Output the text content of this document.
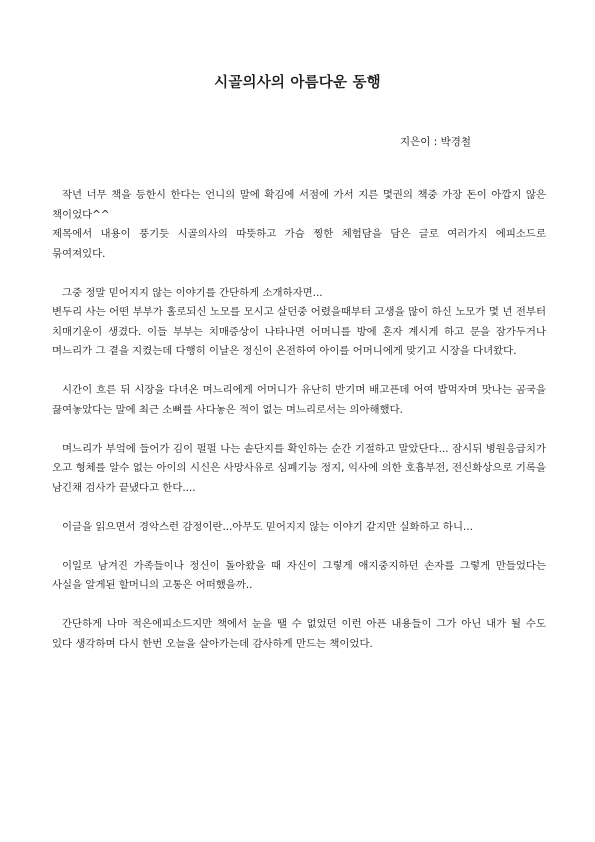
시골의사의 아름다운 동행
지은이 : 박경철

작년 너무 책을 등한시 한다는 언니의 말에 확김에 서점에 가서 지른 몇권의 책중 가장 돈이 아깝지 않은 책이었다^^

제목에서 내용이 풍기듯 시골의사의 따뜻하고 가슴 찡한 체험담을 담은 글로 여러가지 에피소드로 묶여져있다.

그중 정말 믿어지지 않는 이야기를 간단하게 소개하자면...

변두리 사는 어떤 부부가 홀로되신 노모를 모시고 살던중 어렸을때부터 고생을 많이 하신 노모가 몇 년 전부터 치매기운이 생겼다. 이들 부부는 치매증상이 나타나면 어머니를 방에 혼자 계시게 하고 문을 잠가두거나 며느리가 그 곁을 지켰는데 다행히 이날은 정신이 온전하여 아이를 어머니에게 맞기고 시장을 다녀왔다.

시간이 흐른 뒤 시장을 다녀온 며느리에게 어머니가 유난히 반기며 배고픈데 어여 밥먹자며 맛나는 곰국을 끓여놓았다는 말에 최근 소뼈를 사다놓은 적이 없는 며느리로서는 의아해했다.

며느리가 부엌에 들어가 김이 펄펄 나는 솥단지를 확인하는 순간 기절하고 말았단다... 잠시뒤 병원응급치가 오고 형체를 알수 없는 아이의 시신은 사망사유로 심폐기능 정지, 익사에 의한 호흡부전, 전신화상으로 기록을 남긴채 검사가 끝냈다고 한다....

이글을 읽으면서 경악스런 감정이란...아무도 믿어지지 않는 이야기 같지만 실화하고 하니...

이일로 남겨진 가족들이나 정신이 돌아왔을 때 자신이 그렇게 애지중지하던 손자를 그렇게 만들었다는 사실을 알게된 할머니의 고통은 어떠했을까..

간단하게 나마 적은에피소드지만 책에서 눈을 땔 수 없었던 이런 아픈 내용들이 그가 아닌 내가 될 수도 있다 생각하며 다시 한번 오늘을 살아가는데 감사하게 만드는 책이었다.
